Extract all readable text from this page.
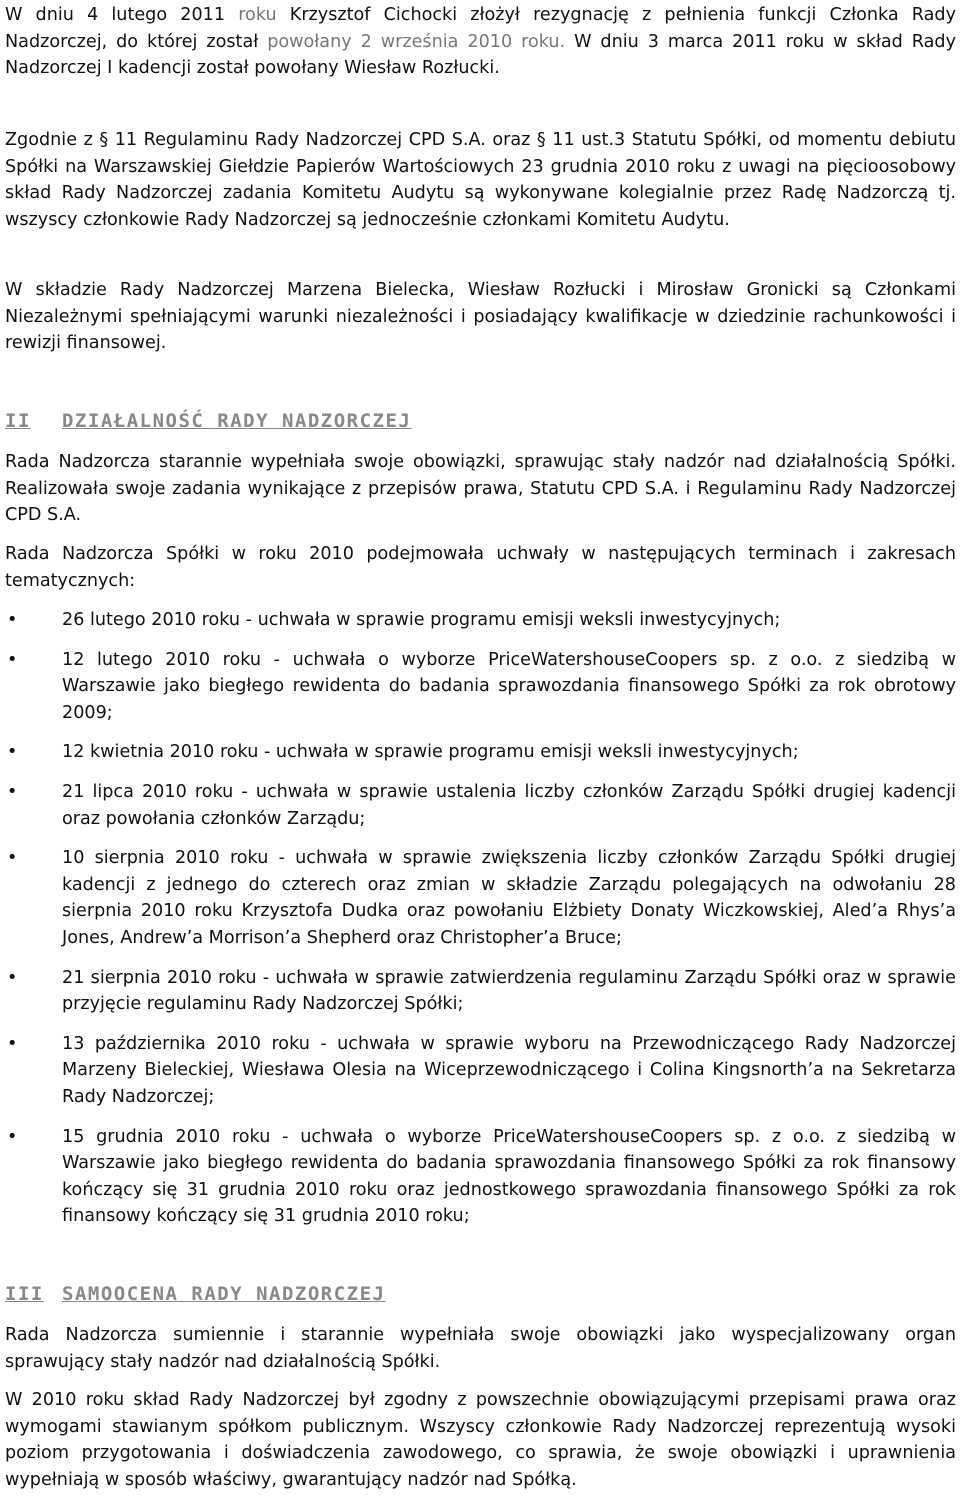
W dniu 4 lutego 2011 roku Krzysztof Cichocki złożył rezygnację z pełnienia funkcji Członka Rady Nadzorczej, do której został powołany 2 września 2010 roku. W dniu 3 marca 2011 roku w skład Rady Nadzorczej I kadencji został powołany Wiesław Rozłucki.

Zgodnie z § 11 Regulaminu Rady Nadzorczej CPD S.A. oraz § 11 ust.3 Statutu Spółki, od momentu debiutu Spółki na Warszawskiej Giełdzie Papierów Wartościowych 23 grudnia 2010 roku z uwagi na pięcioosobowy skład Rady Nadzorczej zadania Komitetu Audytu są wykonywane kolegialnie przez Radę Nadzorczą tj. wszyscy członkowie Rady Nadzorczej są jednocześnie członkami Komitetu Audytu.

W składzie Rady Nadzorczej Marzena Bielecka, Wiesław Rozłucki i Mirosław Gronicki są Członkami Niezależnymi spełniającymi warunki niezależności i posiadający kwalifikacje w dziedzinie rachunkowości i rewizji finansowej.

II DZIAŁALNOŚĆ RADY NADZORCZEJ

Rada Nadzorcza starannie wypełniała swoje obowiązki, sprawując stały nadzór nad działalnością Spółki. Realizowała swoje zadania wynikające z przepisów prawa, Statutu CPD S.A. i Regulaminu Rady Nadzorczej CPD S.A.

Rada Nadzorcza Spółki w roku 2010 podejmowała uchwały w następujących terminach i zakresach tematycznych:

•	26 lutego 2010 roku - uchwała w sprawie programu emisji weksli inwestycyjnych;
•	12 lutego 2010 roku - uchwała o wyborze PriceWatershouseCoopers sp. z o.o. z siedzibą w Warszawie jako biegłego rewidenta do badania sprawozdania finansowego Spółki za rok obrotowy 2009;
•	12 kwietnia 2010 roku - uchwała w sprawie programu emisji weksli inwestycyjnych;
•	21 lipca 2010 roku - uchwała w sprawie ustalenia liczby członków Zarządu Spółki drugiej kadencji oraz powołania członków Zarządu;
•	10 sierpnia 2010 roku - uchwała w sprawie zwiększenia liczby członków Zarządu Spółki drugiej kadencji z jednego do czterech oraz zmian w składzie Zarządu polegających na odwołaniu 28 sierpnia 2010 roku Krzysztofa Dudka oraz powołaniu Elżbiety Donaty Wiczkowskiej, Aled’a Rhys’a Jones, Andrew’a Morrison’a Shepherd oraz Christopher’a Bruce;
•	21 sierpnia 2010 roku - uchwała w sprawie zatwierdzenia regulaminu Zarządu Spółki oraz w sprawie przyjęcie regulaminu Rady Nadzorczej Spółki;
•	13 października 2010 roku - uchwała w sprawie wyboru na Przewodniczącego Rady Nadzorczej Marzeny Bieleckiej, Wiesława Olesia na Wiceprzewodniczącego i Colina Kingsnorth’a na Sekretarza Rady Nadzorczej;
•	15 grudnia 2010 roku - uchwała o wyborze PriceWatershouseCoopers sp. z o.o. z siedzibą w Warszawie jako biegłego rewidenta do badania sprawozdania finansowego Spółki za rok finansowy kończący się 31 grudnia 2010 roku oraz jednostkowego sprawozdania finansowego Spółki za rok finansowy kończący się 31 grudnia 2010 roku;
III SAMOOCENA RADY NADZORCZEJ

Rada Nadzorcza sumiennie i starannie wypełniała swoje obowiązki jako wyspecjalizowany organ sprawujący stały nadzór nad działalnością Spółki.

W 2010 roku skład Rady Nadzorczej był zgodny z powszechnie obowiązującymi przepisami prawa oraz wymogami stawianym spółkom publicznym. Wszyscy członkowie Rady Nadzorczej reprezentują wysoki poziom przygotowania i doświadczenia zawodowego, co sprawia, że swoje obowiązki i uprawnienia wypełniają w sposób właściwy, gwarantujący nadzór nad Spółką.
